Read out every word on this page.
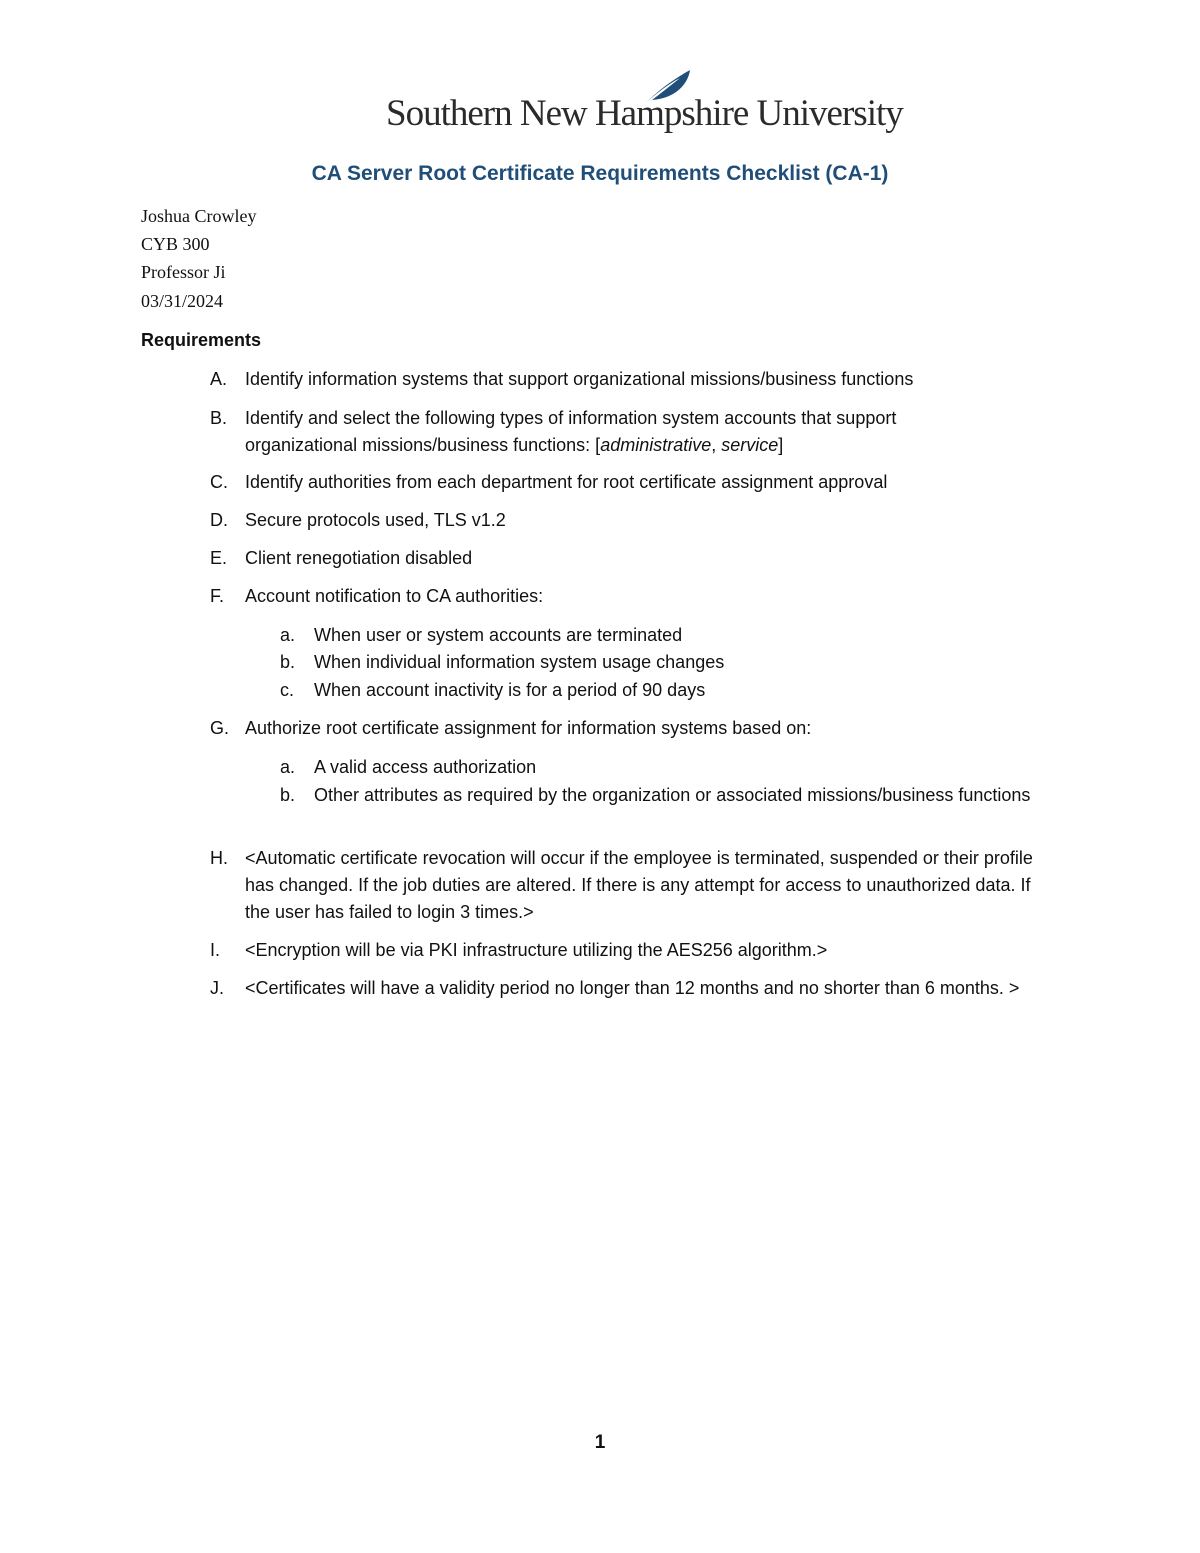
Southern New Hampshire University
CA Server Root Certificate Requirements Checklist (CA-1)
Joshua Crowley
CYB 300
Professor Ji
03/31/2024
Requirements
A. Identify information systems that support organizational missions/business functions
B. Identify and select the following types of information system accounts that support organizational missions/business functions: [administrative, service]
C. Identify authorities from each department for root certificate assignment approval
D. Secure protocols used, TLS v1.2
E. Client renegotiation disabled
F. Account notification to CA authorities:
a. When user or system accounts are terminated
b. When individual information system usage changes
c. When account inactivity is for a period of 90 days
G. Authorize root certificate assignment for information systems based on:
a. A valid access authorization
b. Other attributes as required by the organization or associated missions/business functions
H. <Automatic certificate revocation will occur if the employee is terminated, suspended or their profile has changed. If the job duties are altered. If there is any attempt for access to unauthorized data. If the user has failed to login 3 times.>
I. <Encryption will be via PKI infrastructure utilizing the AES256 algorithm.>
J. <Certificates will have a validity period no longer than 12 months and no shorter than 6 months. >
1
